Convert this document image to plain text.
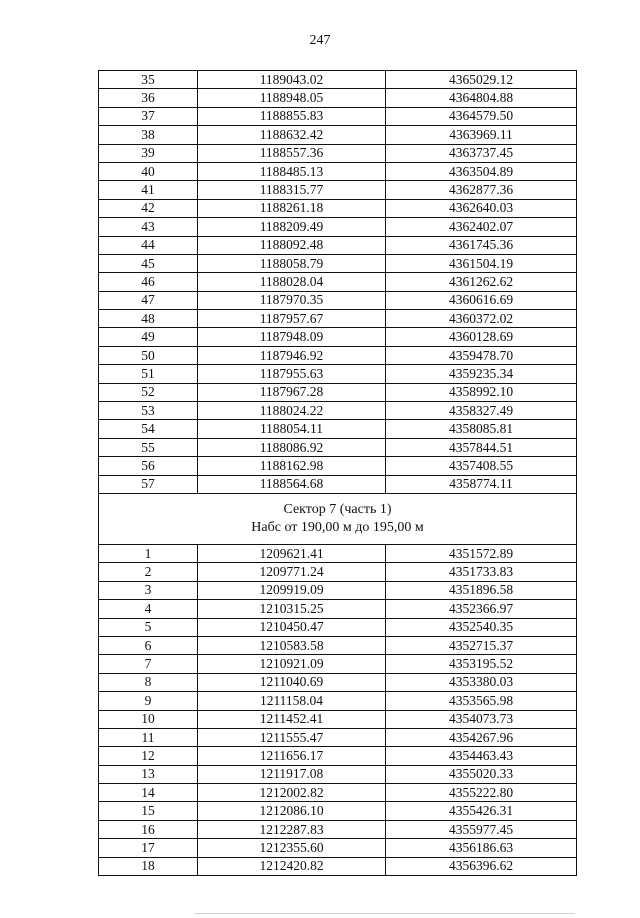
247
35	1189043.02	4365029.12
36	1188948.05	4364804.88
37	1188855.83	4364579.50
38	1188632.42	4363969.11
39	1188557.36	4363737.45
40	1188485.13	4363504.89
41	1188315.77	4362877.36
42	1188261.18	4362640.03
43	1188209.49	4362402.07
44	1188092.48	4361745.36
45	1188058.79	4361504.19
46	1188028.04	4361262.62
47	1187970.35	4360616.69
48	1187957.67	4360372.02
49	1187948.09	4360128.69
50	1187946.92	4359478.70
51	1187955.63	4359235.34
52	1187967.28	4358992.10
53	1188024.22	4358327.49
54	1188054.11	4358085.81
55	1188086.92	4357844.51
56	1188162.98	4357408.55
57	1188564.68	4358774.11

Сектор 7 (часть 1)
Набс от 190,00 м до 195,00 м		

1	1209621.41	4351572.89
2	1209771.24	4351733.83
3	1209919.09	4351896.58
4	1210315.25	4352366.97
5	1210450.47	4352540.35
6	1210583.58	4352715.37
7	1210921.09	4353195.52
8	1211040.69	4353380.03
9	1211158.04	4353565.98
10	1211452.41	4354073.73
11	1211555.47	4354267.96
12	1211656.17	4354463.43
13	1211917.08	4355020.33
14	1212002.82	4355222.80
15	1212086.10	4355426.31
16	1212287.83	4355977.45
17	1212355.60	4356186.63
18	1212420.82	4356396.62
